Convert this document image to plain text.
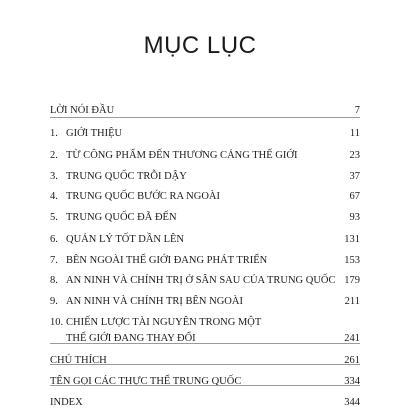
MỤC LỤC
LỜI NÓI ĐẦU	7
1. GIỚI THIỆU	11
2. TỪ CÔNG PHẨM ĐẾN THƯƠNG CẢNG THẾ GIỚI	23
3. TRUNG QUỐC TRỖI DẬY	37
4. TRUNG QUỐC BƯỚC RA NGOÀI	67
5. TRUNG QUỐC ĐÃ ĐẾN	93
6. QUẢN LÝ TỐT DẦN LÊN	131
7. BÊN NGOÀI THẾ GIỚI ĐANG PHÁT TRIỂN	153
8. AN NINH VÀ CHÍNH TRỊ Ở SÂN SAU CỦA TRUNG QUỐC 179
9. AN NINH VÀ CHÍNH TRỊ BÊN NGOÀI	211
10. CHIẾN LƯỢC TÀI NGUYÊN TRONG MỘT
THẾ GIỚI ĐANG THAY ĐỔI	241
CHÚ THÍCH	261
TÊN GỌI CÁC THỰC THỂ TRUNG QUỐC	334
INDEX	344
